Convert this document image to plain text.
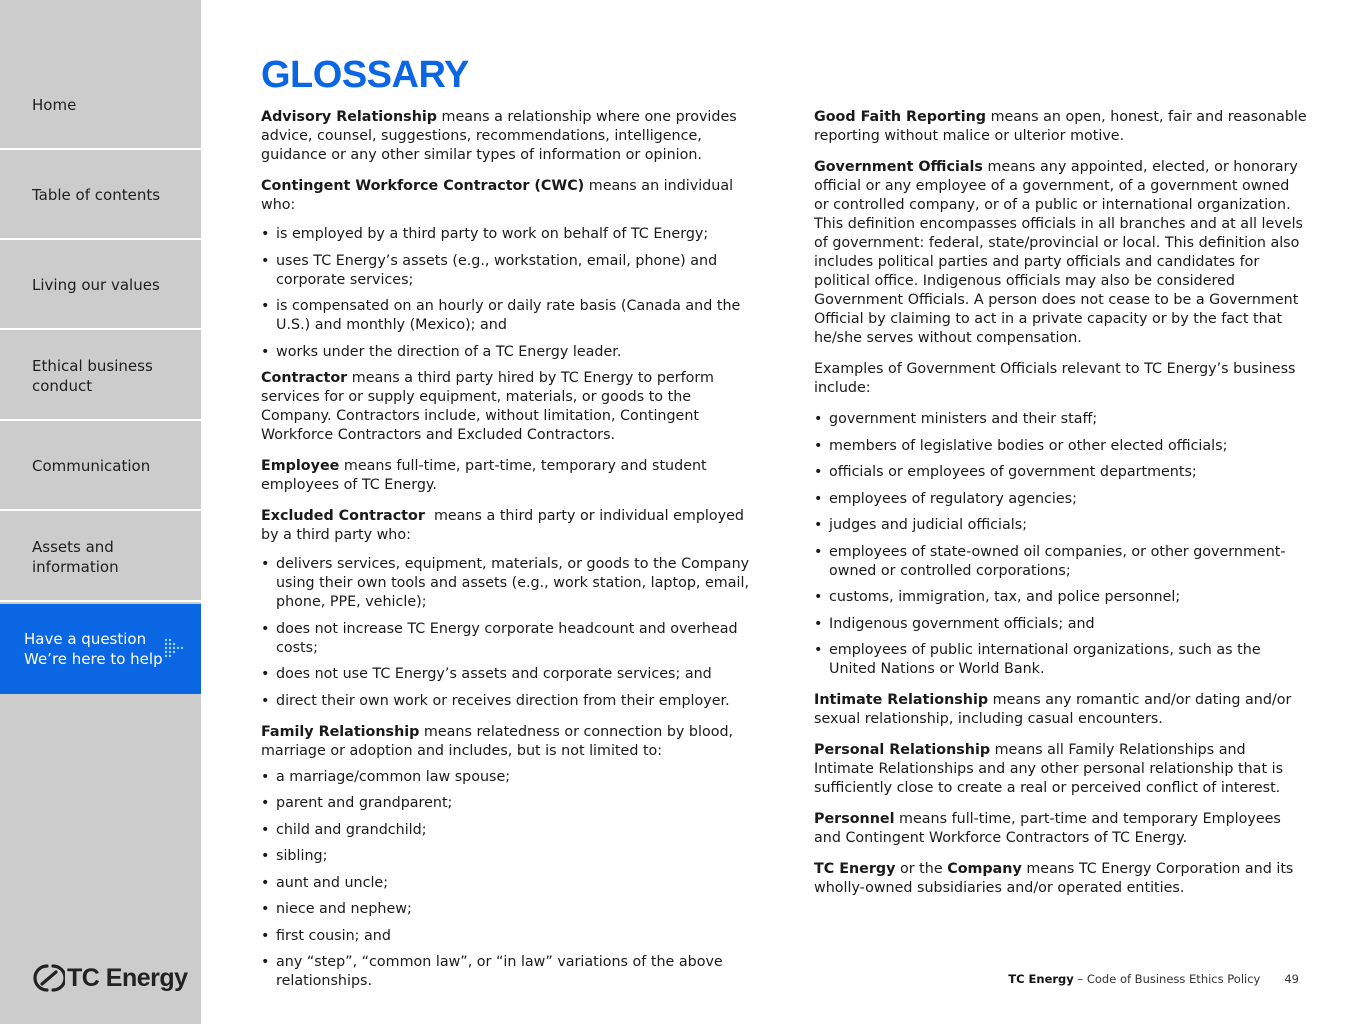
Home
Table of contents
Living our values
Ethical business
conduct
Communication
Assets and
information
Have a question
We’re here to help
TC Energy
GLOSSARY

Advisory Relationship means a relationship where one provides advice, counsel, suggestions, recommendations, intelligence, guidance or any other similar types of information or opinion.

Contingent Workforce Contractor (CWC) means an individual who:

• is employed by a third party to work on behalf of TC Energy;
• uses TC Energy’s assets (e.g., workstation, email, phone) and corporate services;
• is compensated on an hourly or daily rate basis (Canada and the U.S.) and monthly (Mexico); and
• works under the direction of a TC Energy leader.

Contractor means a third party hired by TC Energy to perform services for or supply equipment, materials, or goods to the Company. Contractors include, without limitation, Contingent Workforce Contractors and Excluded Contractors.

Employee means full-time, part-time, temporary and student employees of TC Energy.

Excluded Contractor  means a third party or individual employed by a third party who:

• delivers services, equipment, materials, or goods to the Company using their own tools and assets (e.g., work station, laptop, email, phone, PPE, vehicle);
• does not increase TC Energy corporate headcount and overhead costs;
• does not use TC Energy’s assets and corporate services; and
• direct their own work or receives direction from their employer.

Family Relationship means relatedness or connection by blood, marriage or adoption and includes, but is not limited to:

• a marriage/common law spouse;
• parent and grandparent;
• child and grandchild;
• sibling;
• aunt and uncle;
• niece and nephew;
• first cousin; and
• any “step”, “common law”, or “in law” variations of the above relationships.

Good Faith Reporting means an open, honest, fair and reasonable reporting without malice or ulterior motive.

Government Officials means any appointed, elected, or honorary official or any employee of a government, of a government owned or controlled company, or of a public or international organization. This definition encompasses officials in all branches and at all levels of government: federal, state/provincial or local. This definition also includes political parties and party officials and candidates for political office. Indigenous officials may also be considered Government Officials. A person does not cease to be a Government Official by claiming to act in a private capacity or by the fact that he/she serves without compensation.

Examples of Government Officials relevant to TC Energy’s business include:

• government ministers and their staff;
• members of legislative bodies or other elected officials;
• officials or employees of government departments;
• employees of regulatory agencies;
• judges and judicial officials;
• employees of state-owned oil companies, or other government-owned or controlled corporations;
• customs, immigration, tax, and police personnel;
• Indigenous government officials; and
• employees of public international organizations, such as the United Nations or World Bank.

Intimate Relationship means any romantic and/or dating and/or sexual relationship, including casual encounters.

Personal Relationship means all Family Relationships and Intimate Relationships and any other personal relationship that is sufficiently close to create a real or perceived conflict of interest.

Personnel means full-time, part-time and temporary Employees and Contingent Workforce Contractors of TC Energy.

TC Energy or the Company means TC Energy Corporation and its wholly-owned subsidiaries and/or operated entities.

TC Energy – Code of Business Ethics Policy 49
